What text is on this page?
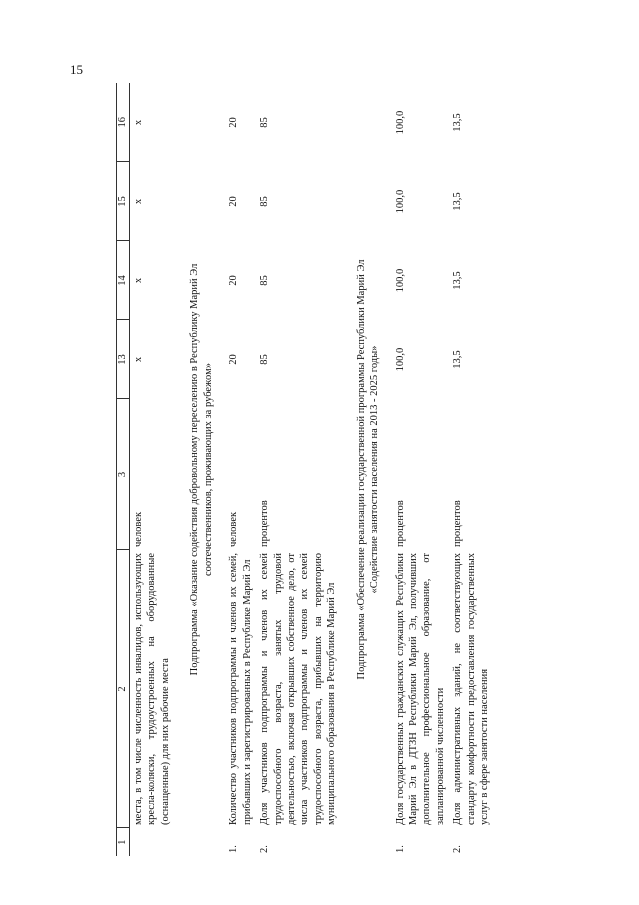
15
1	2	3	13	14	15	16
	места, в том числе численность инвалидов, использующих кресла-коляски, трудоустроенных на оборудованные (оснащенные) для них рабочие места	человек	x	x	x	x

Подпрограмма «Оказание содействия добровольному переселению в Республику Марий Эл соотечественников, проживающих за рубежом»						

1.	Количество участников подпрограммы и членов их семей, прибывших и зарегистрированных в Республике Марий Эл	человек	20	20	20	20
2.	Доля участников подпрограммы и членов их семей трудоспособного возраста, занятых трудовой деятельностью, включая открывших собственное дело, от числа участников подпрограммы и членов их семей трудоспособного возраста, прибывших на территорию муниципального образования в Республике Марий Эл	процентов	85	85	85	85

Подпрограмма «Обеспечение реализации государственной программы Республики Марий Эл «Содействие занятости населения на 2013 - 2025 годы»						

1.	Доля государственных гражданских служащих Республики Марий Эл в ДТЗН Республики Марий Эл, получивших дополнительное профессиональное образование, от запланированной численности	процентов	100,0	100,0	100,0	100,0
2.	Доля административных зданий, не соответствующих стандарту комфортности предоставления государственных услуг в сфере занятости населения	процентов	13,5	13,5	13,5	13,5
